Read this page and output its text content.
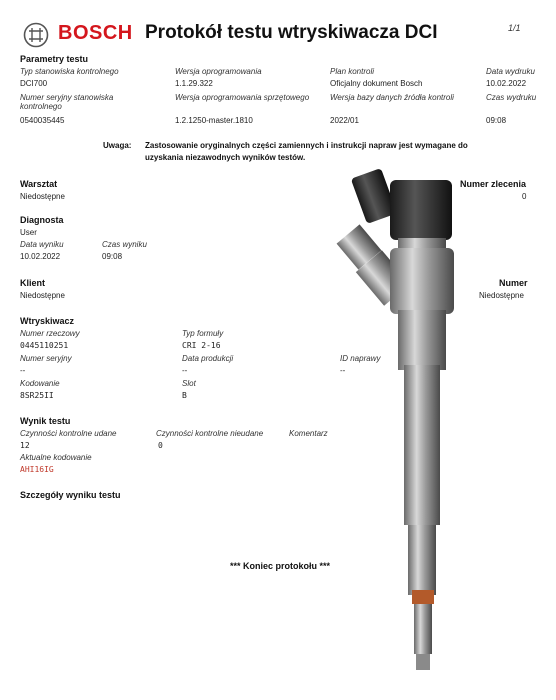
BOSCH Protokół testu wtryskiwacza DCI	1/1
Parametry testu
Typ stanowiska kontrolnego	Wersja oprogramowania	Plan kontroli	Data wydruku
DCI700	1.1.29.322	Oficjalny dokument Bosch	10.02.2022
Numer seryjny stanowiska
kontrolnego
Wersja oprogramowania sprzętowego	Wersja bazy danych źródła kontroli	Czas wydruku
0540035445	1.2.1250-master.1810	2022/01	09:08
Uwaga: Zastosowanie oryginalnych części zamiennych i instrukcji napraw jest wymagane do
uzyskania niezawodnych wyników testów.
Warsztat
Niedostępne
Numer zlecenia
0
Diagnosta
User
Data wyniku	Czas wyniku
10.02.2022	09:08
Klient
Niedostępne
Numer
Niedostępne
Wtryskiwacz
Numer rzeczowy	Typ formuły
0445110251	CRI 2-16
Numer seryjny	Data produkcji	ID naprawy
--	--	--
Kodowanie	Slot
8SR25II	B
Wynik testu
Czynności kontrolne udane	Czynności kontrolne nieudane	Komentarz
12	0
Aktualne kodowanie
AHI16IG
Szczegóły wyniku testu
*** Koniec protokołu ***
